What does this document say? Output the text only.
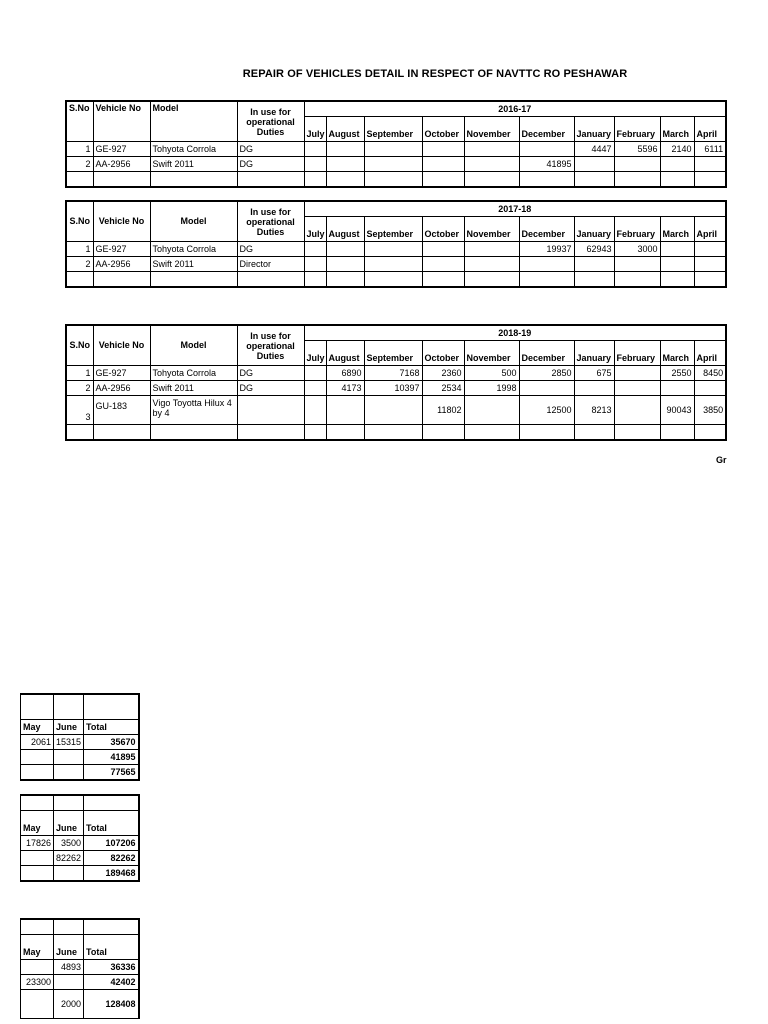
REPAIR OF VEHICLES DETAIL IN RESPECT OF NAVTTC RO PESHAWAR
S.No	Vehicle No	Model	In use for operational Duties	2016-17									
				July	August	September	October	November	December	January	February	March	April
1	GE-927	Tohyota Corrola	DG							4447	5596	2140	6111
2	AA-2956	Swift 2011	DG						41895				

S.No	Vehicle No	Model	In use for operational Duties	2017-18									
				July	August	September	October	November	December	January	February	March	April
1	GE-927	Tohyota Corrola	DG						19937	62943	3000		
2	AA-2956	Swift 2011	Director										

S.No	Vehicle No	Model	In use for operational Duties	2018-19									
				July	August	September	October	November	December	January	February	March	April
1	GE-927	Tohyota Corrola	DG		6890	7168	2360	500	2850	675		2550	8450
2	AA-2956	Swift 2011	DG		4173	10397	2534	1998					
3	GU-183	Vigo Toyotta Hilux 4 by 4					11802		12500	8213		90043	3850

Gr

May	June	Total
2061	15315	35670
		41895
		77565

May	June	Total
17826	3500	107206
	82262	82262
		189468

May	June	Total
	4893	36336
23300		42402
	2000	128408
